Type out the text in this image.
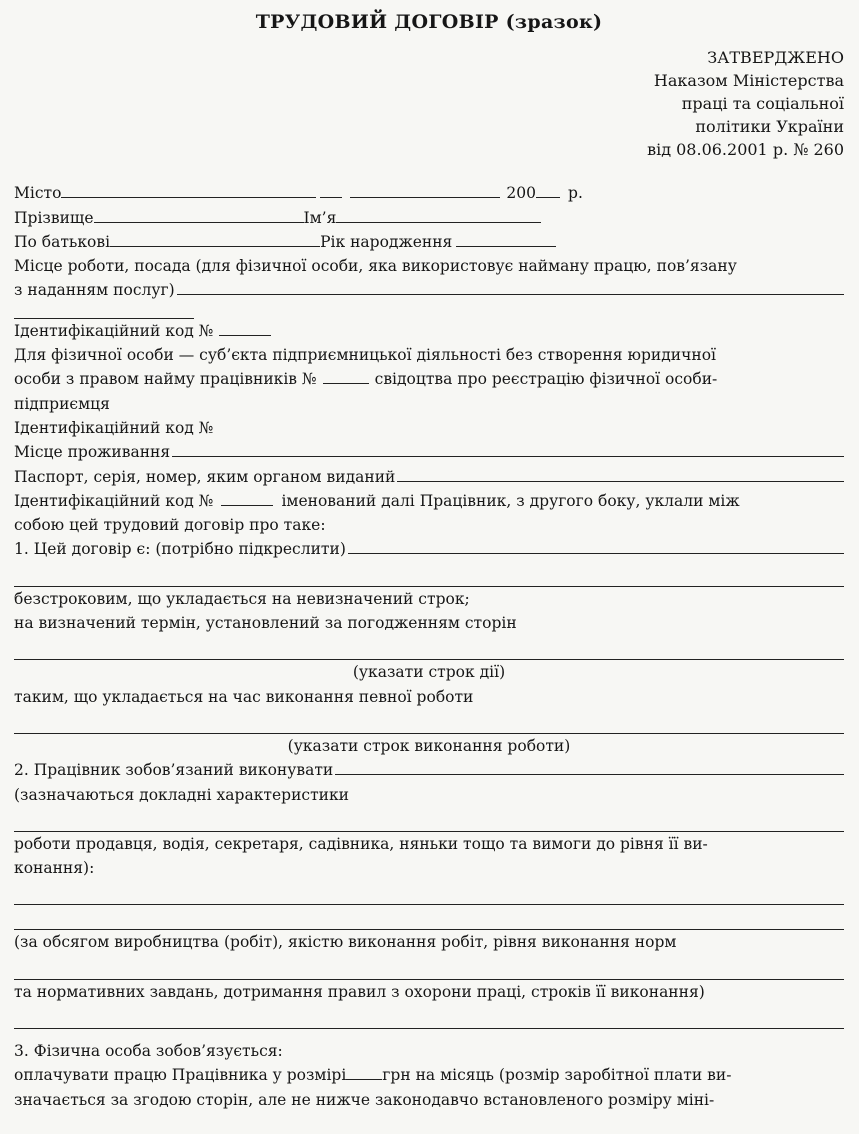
ТРУДОВИЙ ДОГОВІР (зразок)
ЗАТВЕРДЖЕНО
Наказом Міністерства
праці та соціальної
політики України
від 08.06.2001 р. № 260
Місто	200 р.
Прізвище	Ім’я
По батькові	Рік народження
Місце роботи, посада (для фізичної особи, яка використовує найману працю, пов’язану
з наданням послуг)
Ідентифікаційний код №
Для фізичної особи — суб’єкта підприємницької діяльності без створення юридичної
особи з правом найму працівників №	свідоцтва про реєстрацію фізичної особи-
підприємця
Ідентифікаційний код №
Місце проживання
Паспорт, серія, номер, яким органом виданий
Ідентифікаційний код №	іменований далі Працівник, з другого боку, уклали між
собою цей трудовий договір про таке:
1. Цей договір є: (потрібно підкреслити)
безстроковим, що укладається на невизначений строк;
на визначений термін, установлений за погодженням сторін
(указати строк дії)
таким, що укладається на час виконання певної роботи
(указати строк виконання роботи)
2. Працівник зобов’язаний виконувати
(зазначаються докладні характеристики
роботи продавця, водія, секретаря, садівника, няньки тощо та вимоги до рівня її ви-
конання):
(за обсягом виробництва (робіт), якістю виконання робіт, рівня виконання норм
та нормативних завдань, дотримання правил з охорони праці, строків її виконання)
3. Фізична особа зобов’язується:
оплачувати працю Працівника у розмірі грн на місяць (розмір заробітної плати ви-
значається за згодою сторін, але не нижче законодавчо встановленого розміру міні-
